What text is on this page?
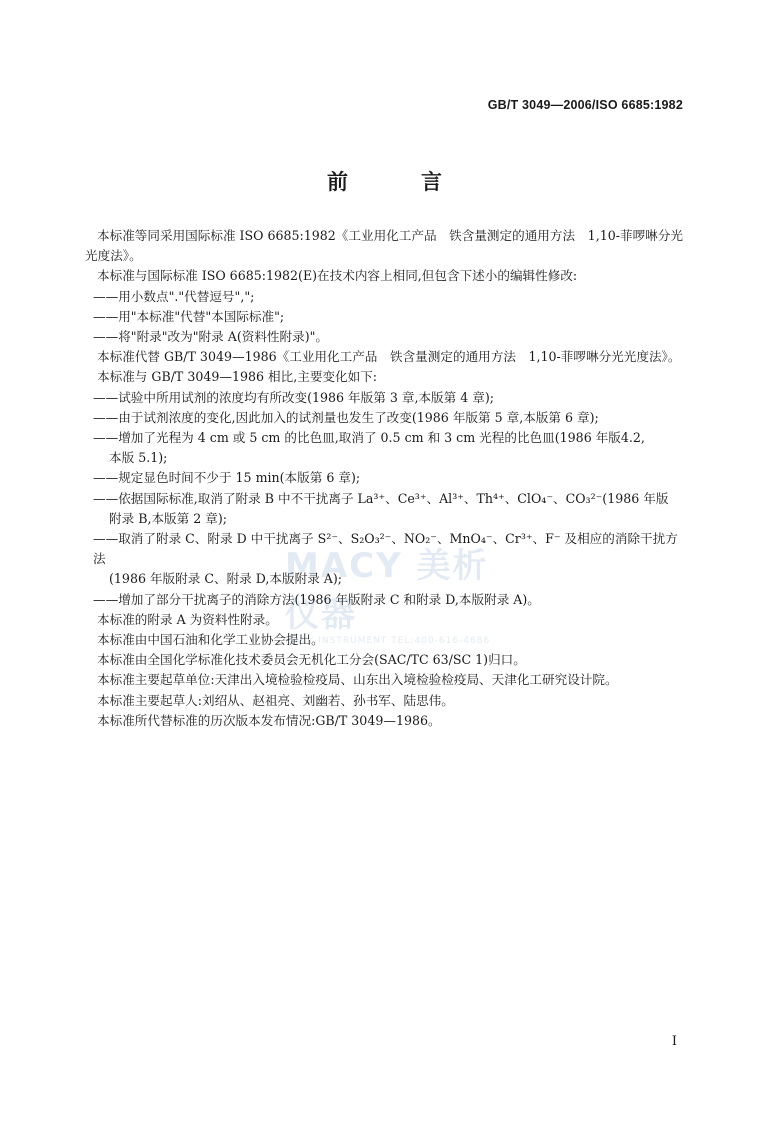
GB/T 3049—2006/ISO 6685:1982
前　言

本标准等同采用国际标准 ISO 6685:1982《工业用化工产品　铁含量测定的通用方法　1,10-菲啰啉分光光度法》。

本标准与国际标准 ISO 6685:1982(E)在技术内容上相同,但包含下述小的编辑性修改:

——用小数点"."代替逗号",";

——用"本标准"代替"本国际标准";

——将"附录"改为"附录 A(资料性附录)"。

本标准代替 GB/T 3049—1986《工业用化工产品　铁含量测定的通用方法　1,10-菲啰啉分光光度法》。

本标准与 GB/T 3049—1986 相比,主要变化如下:

——试验中所用试剂的浓度均有所改变(1986 年版第 3 章,本版第 4 章);

——由于试剂浓度的变化,因此加入的试剂量也发生了改变(1986 年版第 5 章,本版第 6 章);

——增加了光程为 4 cm 或 5 cm 的比色皿,取消了 0.5 cm 和 3 cm 光程的比色皿(1986 年版4.2,

本版 5.1);

——规定显色时间不少于 15 min(本版第 6 章);

——依据国际标准,取消了附录 B 中不干扰离子 La³⁺、Ce³⁺、Al³⁺、Th⁴⁺、ClO₄⁻、CO₃²⁻(1986 年版

附录 B,本版第 2 章);

——取消了附录 C、附录 D 中干扰离子 S²⁻、S₂O₃²⁻、NO₂⁻、MnO₄⁻、Cr³⁺、F⁻ 及相应的消除干扰方法

(1986 年版附录 C、附录 D,本版附录 A);

——增加了部分干扰离子的消除方法(1986 年版附录 C 和附录 D,本版附录 A)。

本标准的附录 A 为资料性附录。

本标准由中国石油和化学工业协会提出。

本标准由全国化学标准化技术委员会无机化工分会(SAC/TC 63/SC 1)归口。

本标准主要起草单位:天津出入境检验检疫局、山东出入境检验检疫局、天津化工研究设计院。

本标准主要起草人:刘绍从、赵祖亮、刘幽若、孙书军、陆思伟。

本标准所代替标准的历次版本发布情况:GB/T 3049—1986。

MACY 美析仪器
MACY INSTRUMENT TEL:400-616-4686
I
